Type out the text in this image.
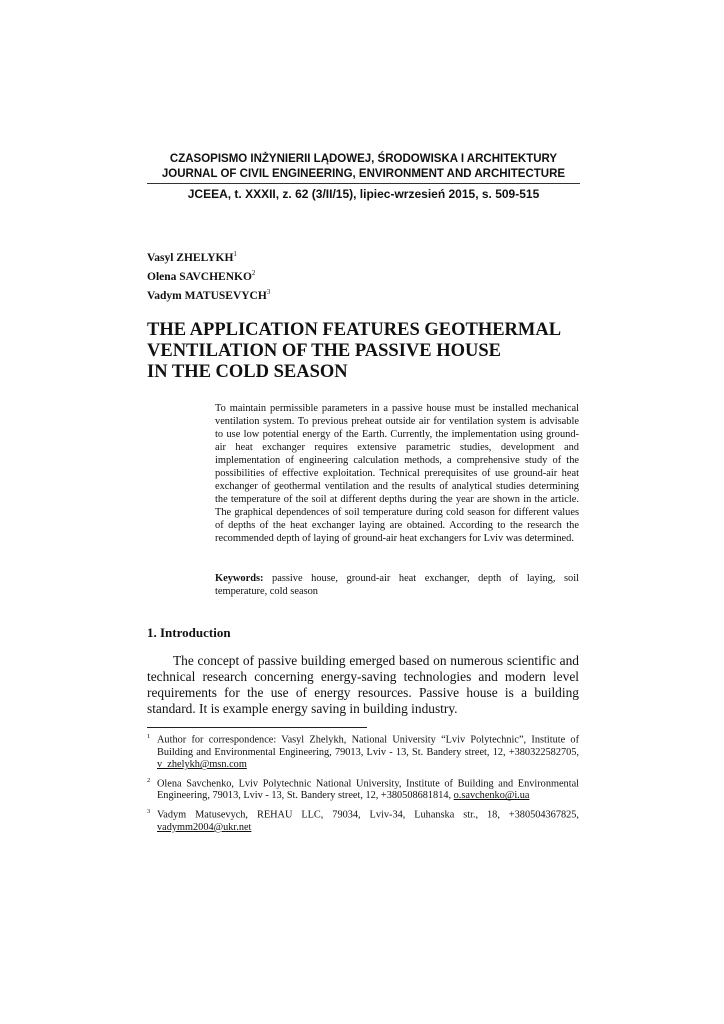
CZASOPISMO INŻYNIERII LĄDOWEJ, ŚRODOWISKA I ARCHITEKTURY
JOURNAL OF CIVIL ENGINEERING, ENVIRONMENT AND ARCHITECTURE
JCEEA, t. XXXII, z. 62 (3/II/15), lipiec-wrzesień 2015, s. 509-515
Vasyl ZHELYKH$^1$
Olena SAVCHENKO$^2$
Vadym MATUSEVYCH$^3$
THE APPLICATION FEATURES GEOTHERMAL
VENTILATION OF THE PASSIVE HOUSE
IN THE COLD SEASON

To maintain permissible parameters in a passive house must be installed mechanical ventilation system. To previous preheat outside air for ventilation system is advisable to use low potential energy of the Earth. Currently, the implementation using ground-air heat exchanger requires extensive parametric studies, development and implementation of engineering calculation methods, a comprehensive study of the possibilities of effective exploitation. Technical prerequisites of use ground-air heat exchanger of geothermal ventilation and the results of analytical studies determining the temperature of the soil at different depths during the year are shown in the article. The graphical dependences of soil temperature during cold season for different values of depths of the heat exchanger laying are obtained. According to the research the recommended depth of laying of ground-air heat exchangers for Lviv was determined.

Keywords: passive house, ground-air heat exchanger, depth of laying, soil temperature, cold season
1. Introduction

The concept of passive building emerged based on numerous scientific and technical research concerning energy-saving technologies and modern level requirements for the use of energy resources. Passive house is a building standard. It is example energy saving in building industry.

$^1$ Author for correspondence: Vasyl Zhelykh, National University “Lviv Polytechnic”, Institute of Building and Environmental Engineering, 79013, Lviv - 13, St. Bandery street, 12, +380322582705, v_zhelykh@msn.com
$^2$ Olena Savchenko, Lviv Polytechnic National University, Institute of Building and Environmental Engineering, 79013, Lviv - 13, St. Bandery street, 12, +380508681814, o.savchenko@i.ua
$^3$ Vadym Matusevych, REHAU LLC, 79034, Lviv-34, Luhanska str., 18, +380504367825, vadymm2004@ukr.net
